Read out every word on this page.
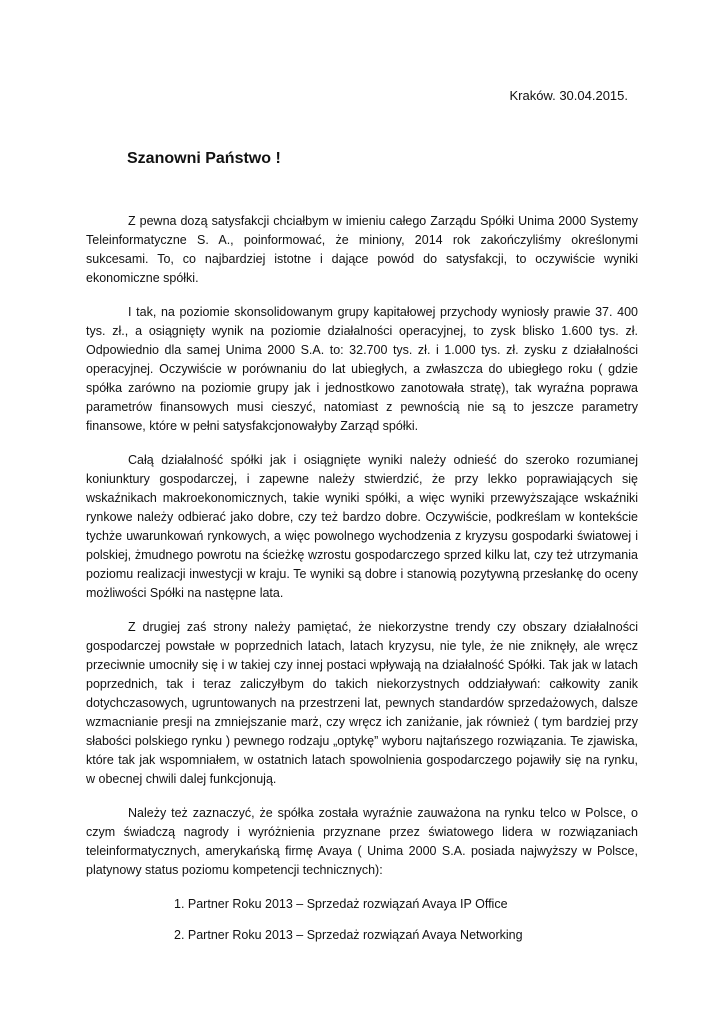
Kraków. 30.04.2015.

Szanowni Państwo !

Z pewna dozą satysfakcji chciałbym w imieniu całego Zarządu Spółki Unima 2000 Systemy Teleinformatyczne S. A., poinformować, że miniony, 2014 rok zakończyliśmy określonymi sukcesami. To, co najbardziej istotne i dające powód do satysfakcji, to oczywiście wyniki ekonomiczne spółki.

I tak, na poziomie skonsolidowanym grupy kapitałowej przychody wyniosły prawie 37. 400 tys. zł., a osiągnięty wynik na poziomie działalności operacyjnej, to zysk blisko 1.600 tys. zł. Odpowiednio dla samej Unima 2000 S.A. to: 32.700 tys. zł. i 1.000 tys. zł. zysku z działalności operacyjnej. Oczywiście w porównaniu do lat ubiegłych, a zwłaszcza do ubiegłego roku ( gdzie spółka zarówno na poziomie grupy jak i jednostkowo zanotowała stratę), tak wyraźna poprawa parametrów finansowych musi cieszyć, natomiast z pewnością nie są to jeszcze parametry finansowe, które w pełni satysfakcjonowałyby Zarząd spółki.

Całą działalność spółki jak i osiągnięte wyniki należy odnieść do szeroko rozumianej koniunktury gospodarczej, i zapewne należy stwierdzić, że przy lekko poprawiających się wskaźnikach makroekonomicznych, takie wyniki spółki, a więc wyniki przewyższające wskaźniki rynkowe należy odbierać jako dobre, czy też bardzo dobre. Oczywiście, podkreślam w kontekście tychże uwarunkowań rynkowych, a więc powolnego wychodzenia z kryzysu gospodarki światowej i polskiej, żmudnego powrotu na ścieżkę wzrostu gospodarczego sprzed kilku lat, czy też utrzymania poziomu realizacji inwestycji w kraju. Te wyniki są dobre i stanowią pozytywną przesłankę do oceny możliwości Spółki na następne lata.

Z drugiej zaś strony należy pamiętać, że niekorzystne trendy czy obszary działalności gospodarczej powstałe w poprzednich latach, latach kryzysu, nie tyle, że nie zniknęły, ale wręcz przeciwnie umocniły się i w takiej czy innej postaci wpływają na działalność Spółki. Tak jak w latach poprzednich, tak i teraz zaliczyłbym do takich niekorzystnych oddziaływań: całkowity zanik dotychczasowych, ugruntowanych na przestrzeni lat, pewnych standardów sprzedażowych, dalsze wzmacnianie presji na zmniejszanie marż, czy wręcz ich zaniżanie, jak również ( tym bardziej przy słabości polskiego rynku ) pewnego rodzaju „optykę” wyboru najtańszego rozwiązania. Te zjawiska, które tak jak wspomniałem, w ostatnich latach spowolnienia gospodarczego pojawiły się na rynku, w obecnej chwili dalej funkcjonują.

Należy też zaznaczyć, że spółka została wyraźnie zauważona na rynku telco w Polsce, o czym świadczą nagrody i wyróżnienia przyznane przez światowego lidera w rozwiązaniach teleinformatycznych, amerykańską firmę Avaya ( Unima 2000 S.A. posiada najwyższy w Polsce, platynowy status poziomu kompetencji technicznych):

1. Partner Roku 2013 – Sprzedaż rozwiązań Avaya IP Office
2. Partner Roku 2013 – Sprzedaż rozwiązań Avaya Networking
